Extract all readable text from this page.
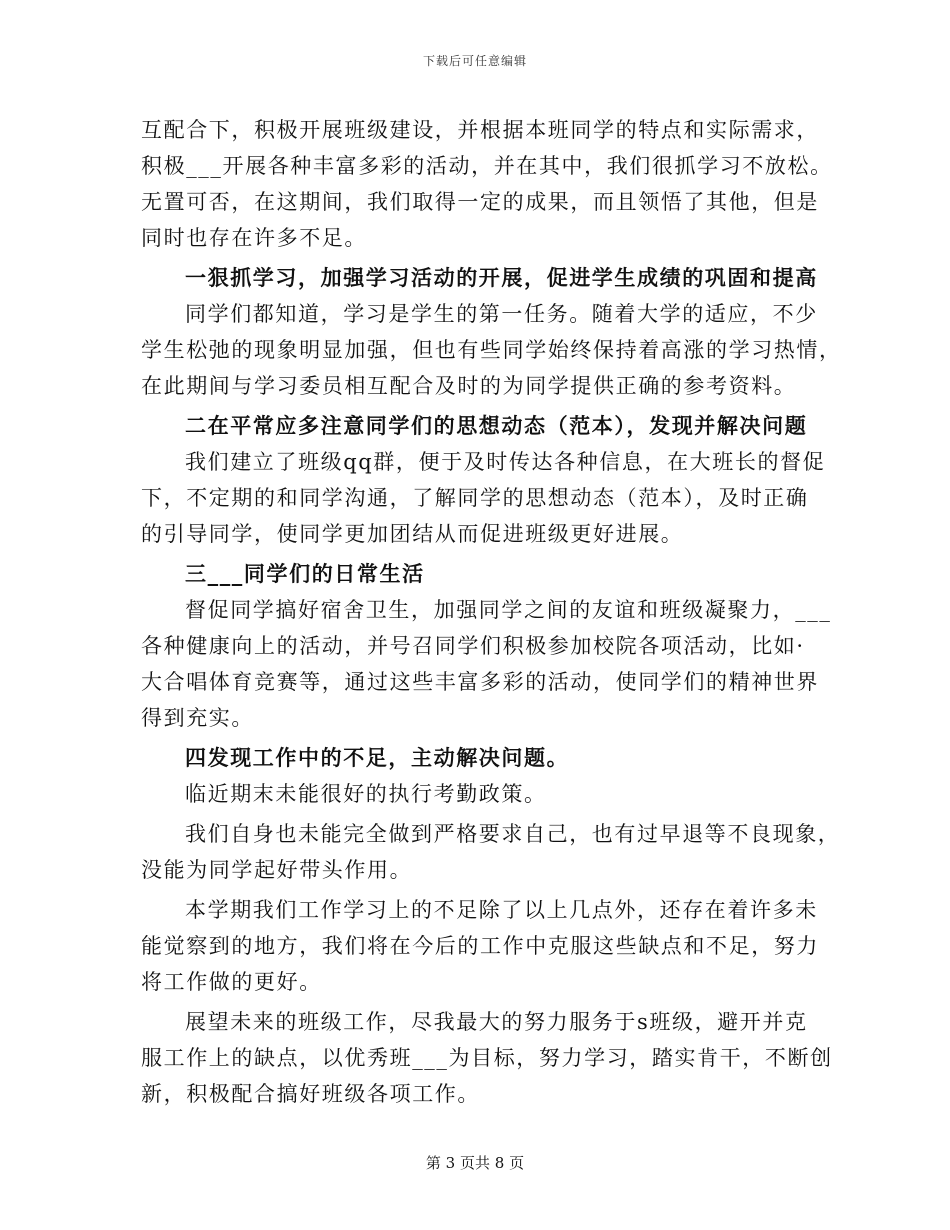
下载后可任意编辑
互配合下，积极开展班级建设，并根据本班同学的特点和实际需求，
积极___开展各种丰富多彩的活动，并在其中，我们很抓学习不放松。
无置可否，在这期间，我们取得一定的成果，而且领悟了其他，但是
同时也存在许多不足。
一狠抓学习，加强学习活动的开展，促进学生成绩的巩固和提高
同学们都知道，学习是学生的第一任务。随着大学的适应，不少
学生松弛的现象明显加强，但也有些同学始终保持着高涨的学习热情，
在此期间与学习委员相互配合及时的为同学提供正确的参考资料。
二在平常应多注意同学们的思想动态（范本），发现并解决问题
我们建立了班级qq群，便于及时传达各种信息，在大班长的督促
下，不定期的和同学沟通，了解同学的思想动态（范本），及时正确
的引导同学，使同学更加团结从而促进班级更好进展。
三___同学们的日常生活
督促同学搞好宿舍卫生，加强同学之间的友谊和班级凝聚力，___
各种健康向上的活动，并号召同学们积极参加校院各项活动，比如·
大合唱体育竞赛等，通过这些丰富多彩的活动，使同学们的精神世界
得到充实。
四发现工作中的不足，主动解决问题。
临近期末未能很好的执行考勤政策。
我们自身也未能完全做到严格要求自己，也有过早退等不良现象，
没能为同学起好带头作用。
本学期我们工作学习上的不足除了以上几点外，还存在着许多未
能觉察到的地方，我们将在今后的工作中克服这些缺点和不足，努力
将工作做的更好。
展望未来的班级工作，尽我最大的努力服务于s班级，避开并克
服工作上的缺点，以优秀班___为目标，努力学习，踏实肯干，不断创
新，积极配合搞好班级各项工作。
第 3 页共 8 页
